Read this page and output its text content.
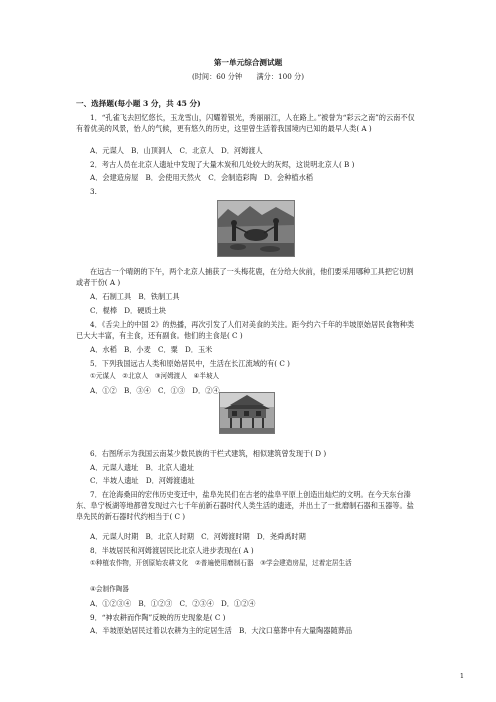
第一单元综合测试题

(时间：60 分钟　　满分：100 分)

一、选择题(每小题 3 分，共 45 分)

1．“孔雀飞去回忆悠长，玉龙雪山，闪耀着银光，秀丽丽江，人在路上。”被誉为“彩云之南”的云南不仅有着优美的风景，怡人的气候，更有悠久的历史，这里曾生活着我国境内已知的最早人类( A )

A．元谋人　B．山顶洞人　C．北京人　D．河姆渡人

2．考古人员在北京人遗址中发现了大量木炭和几处较大的灰烬，这说明北京人( B )

A．会建造房屋　B．会使用天然火　C．会制造彩陶　D．会种植水稻

3.

在远古一个晴朗的下午，两个北京人捕获了一头梅花鹿，在分给大伙前，他们要采用哪种工具把它切割或者干份( A )

A．石制工具　B．铁制工具

C．棍棒　D．硬质土块

4．《舌尖上的中国 2》的热播，再次引发了人们对美食的关注。距今约六千年的半坡原始居民食物种类已大大丰富，有主食，还有副食。他们的主食是( C )

A．水稻　B．小麦　C．粟　D．玉米

5．下列我国远古人类和原始居民中，生活在长江流域的有( C )

①元谋人　②北京人　③河姆渡人　④半坡人

A．①②　B．③④　C．①③　D．②④

6．右图所示为我国云南某少数民族的干栏式建筑，相似建筑曾发现于( D )

A．元谋人遗址　B．北京人遗址

C．半坡人遗址　D．河姆渡遗址

7．在沧海桑田的宏伟历史变迁中，盐阜先民们在古老的盐阜平原上创造出灿烂的文明。在今天东台溱东、阜宁板湖等地都曾发现过六七千年前新石器时代人类生活的遗迹，并出土了一批磨制石器和玉器等。盐阜先民的新石器时代约相当于( C )

A．元谋人时期　B．北京人时期　C．河姆渡时期　D．尧舜禹时期

8．半坡居民和河姆渡居民比北京人进步表现在( A )

①种植农作物，开创原始农耕文化　②普遍使用磨制石器　③学会建造房屋，过着定居生活

④会制作陶器

A．①②③④　B．①②③　C．②③④　D．①②④

9．“神农耕而作陶”反映的历史现象是( C )

A．半坡原始居民过着以农耕为主的定居生活　B．大汶口墓葬中有大量陶器随葬品

1
